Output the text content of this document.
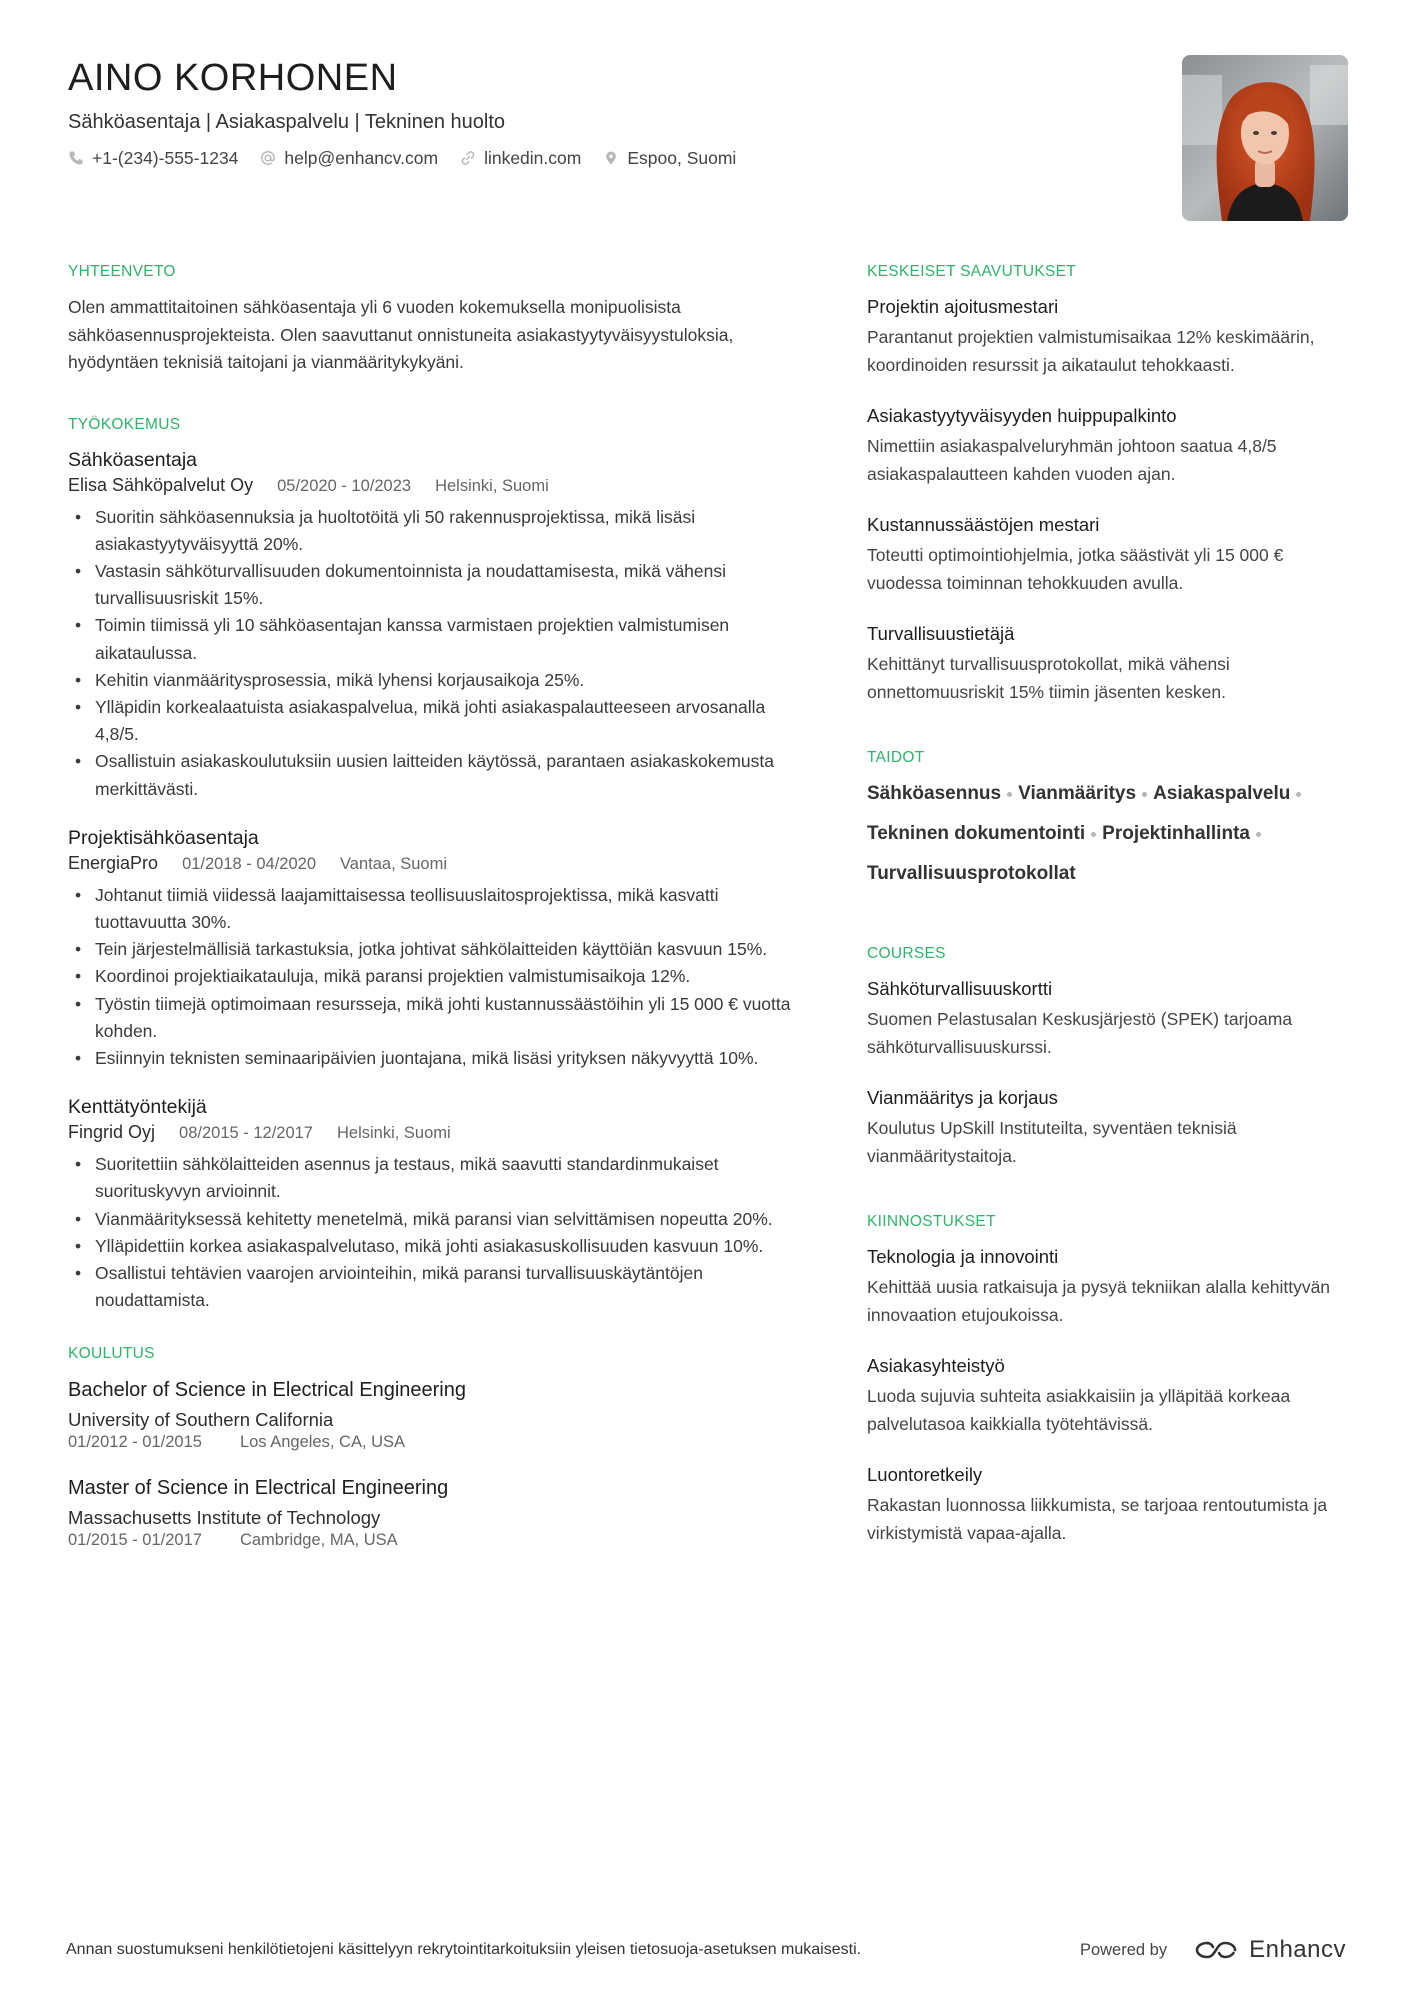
AINO KORHONEN
Sähköasentaja | Asiakaspalvelu | Tekninen huolto
+1-(234)-555-1234	help@enhancv.com	linkedin.com	Espoo, Suomi
YHTEENVETO
Olen ammattitaitoinen sähköasentaja yli 6 vuoden kokemuksella monipuolisista sähköasennusprojekteista. Olen saavuttanut onnistuneita asiakastyytyväisyystuloksia, hyödyntäen teknisiä taitojani ja vianmääritykykyäni.
TYÖKOKEMUS
Sähköasentaja
Elisa Sähköpalvelut Oy 05/2020 - 10/2023 Helsinki, Suomi
• Suoritin sähköasennuksia ja huoltotöitä yli 50 rakennusprojektissa, mikä lisäsi asiakastyytyväisyyttä 20%.
• Vastasin sähköturvallisuuden dokumentoinnista ja noudattamisesta, mikä vähensi turvallisuusriskit 15%.
• Toimin tiimissä yli 10 sähköasentajan kanssa varmistaen projektien valmistumisen aikataulussa.
• Kehitin vianmääritysprosessia, mikä lyhensi korjausaikoja 25%.
• Ylläpidin korkealaatuista asiakaspalvelua, mikä johti asiakaspalautteeseen arvosanalla 4,8/5.
• Osallistuin asiakaskoulutuksiin uusien laitteiden käytössä, parantaen asiakaskokemusta merkittävästi.
Projektisähköasentaja
EnergiaPro 01/2018 - 04/2020 Vantaa, Suomi
• Johtanut tiimiä viidessä laajamittaisessa teollisuuslaitosprojektissa, mikä kasvatti tuottavuutta 30%.
• Tein järjestelmällisiä tarkastuksia, jotka johtivat sähkölaitteiden käyttöiän kasvuun 15%.
• Koordinoi projektiaikatauluja, mikä paransi projektien valmistumisaikoja 12%.
• Työstin tiimejä optimoimaan resursseja, mikä johti kustannussäästöihin yli 15 000 € vuotta kohden.
• Esiinnyin teknisten seminaaripäivien juontajana, mikä lisäsi yrityksen näkyvyyttä 10%.
Kenttätyöntekijä
Fingrid Oyj 08/2015 - 12/2017 Helsinki, Suomi
• Suoritettiin sähkölaitteiden asennus ja testaus, mikä saavutti standardinmukaiset suorituskyvyn arvioinnit.
• Vianmäärityksessä kehitetty menetelmä, mikä paransi vian selvittämisen nopeutta 20%.
• Ylläpidettiin korkea asiakaspalvelutaso, mikä johti asiakasuskollisuuden kasvuun 10%.
• Osallistui tehtävien vaarojen arviointeihin, mikä paransi turvallisuuskäytäntöjen noudattamista.
KOULUTUS
Bachelor of Science in Electrical Engineering
University of Southern California
01/2012 - 01/2015 Los Angeles, CA, USA
Master of Science in Electrical Engineering
Massachusetts Institute of Technology
01/2015 - 01/2017 Cambridge, MA, USA
KESKEISET SAAVUTUKSET
Projektin ajoitusmestari
Parantanut projektien valmistumisaikaa 12% keskimäärin, koordinoiden resurssit ja aikataulut tehokkaasti.
Asiakastyytyväisyyden huippupalkinto
Nimettiin asiakaspalveluryhmän johtoon saatua 4,8/5 asiakaspalautteen kahden vuoden ajan.
Kustannussäästöjen mestari
Toteutti optimointiohjelmia, jotka säästivät yli 15 000 € vuodessa toiminnan tehokkuuden avulla.
Turvallisuustietäjä
Kehittänyt turvallisuusprotokollat, mikä vähensi onnettomuusriskit 15% tiimin jäsenten kesken.
TAIDOT
Sähköasennus Vianmääritys Asiakaspalvelu
Tekninen dokumentointi Projektinhallinta
Turvallisuusprotokollat
COURSES
Sähköturvallisuuskortti
Suomen Pelastusalan Keskusjärjestö (SPEK) tarjoama sähköturvallisuuskurssi.
Vianmääritys ja korjaus
Koulutus UpSkill Instituteilta, syventäen teknisiä vianmääritystaitoja.
KIINNOSTUKSET
Teknologia ja innovointi
Kehittää uusia ratkaisuja ja pysyä tekniikan alalla kehittyvän innovaation etujoukoissa.
Asiakasyhteistyö
Luoda sujuvia suhteita asiakkaisiin ja ylläpitää korkeaa palvelutasoa kaikkialla työtehtävissä.
Luontoretkeily
Rakastan luonnossa liikkumista, se tarjoaa rentoutumista ja virkistymistä vapaa-ajalla.
Annan suostumukseni henkilötietojeni käsittelyyn rekrytointitarkoituksiin yleisen tietosuoja-asetuksen mukaisesti.	Powered by	Enhancv
